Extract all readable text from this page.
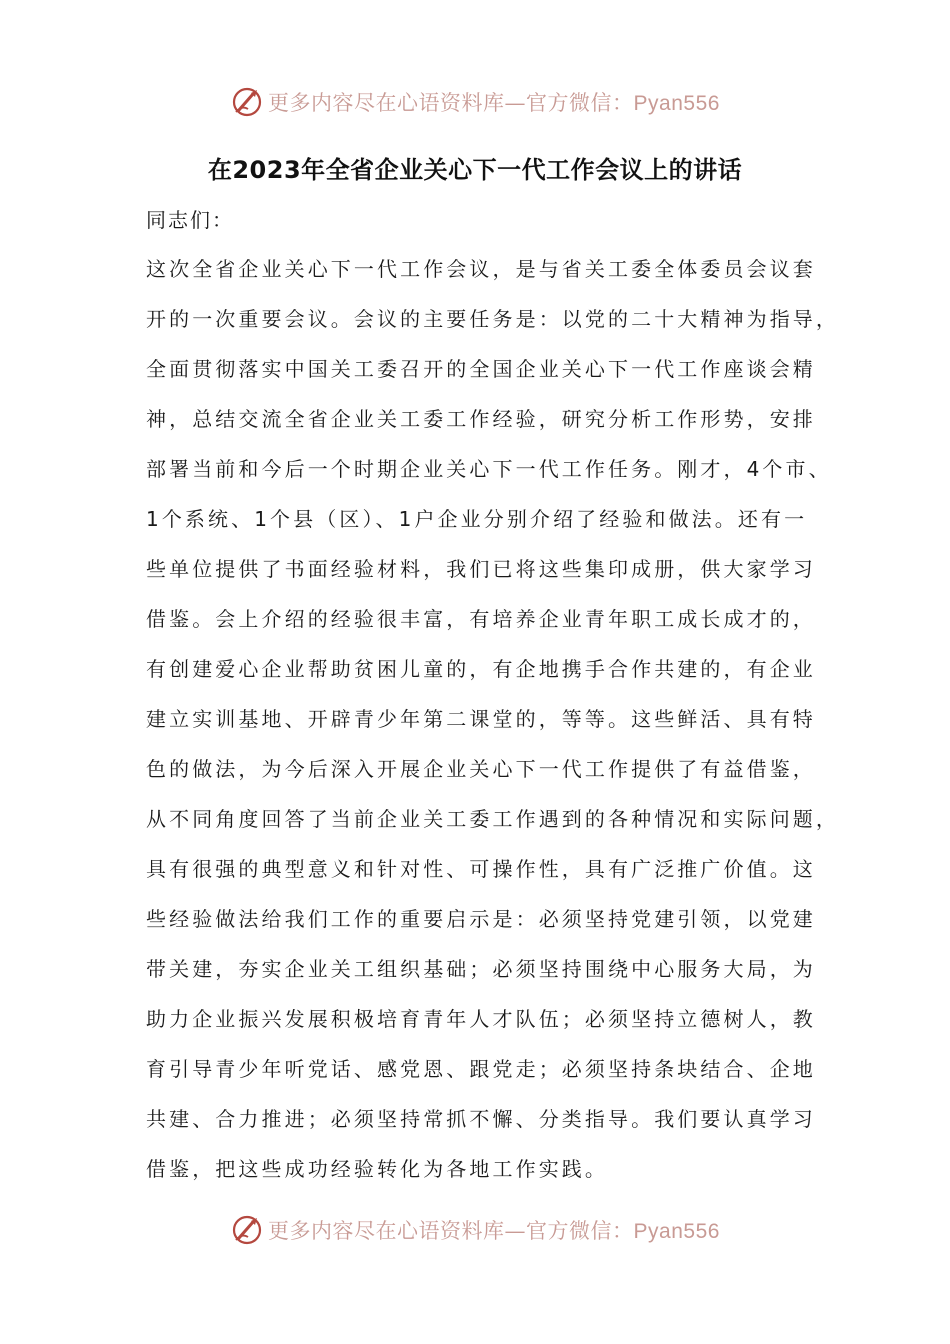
更多内容尽在心语资料库—官方微信：Pyan556
在2023年全省企业关心下一代工作会议上的讲话
同志们：
这次全省企业关心下一代工作会议，是与省关工委全体委员会议套
开的一次重要会议。会议的主要任务是：以党的二十大精神为指导，
全面贯彻落实中国关工委召开的全国企业关心下一代工作座谈会精
神，总结交流全省企业关工委工作经验，研究分析工作形势，安排
部署当前和今后一个时期企业关心下一代工作任务。刚才，4个市、
1个系统、1个县（区）、1户企业分别介绍了经验和做法。还有一
些单位提供了书面经验材料，我们已将这些集印成册，供大家学习
借鉴。会上介绍的经验很丰富，有培养企业青年职工成长成才的，
有创建爱心企业帮助贫困儿童的，有企地携手合作共建的，有企业
建立实训基地、开辟青少年第二课堂的，等等。这些鲜活、具有特
色的做法，为今后深入开展企业关心下一代工作提供了有益借鉴，
从不同角度回答了当前企业关工委工作遇到的各种情况和实际问题，
具有很强的典型意义和针对性、可操作性，具有广泛推广价值。这
些经验做法给我们工作的重要启示是：必须坚持党建引领，以党建
带关建，夯实企业关工组织基础；必须坚持围绕中心服务大局，为
助力企业振兴发展积极培育青年人才队伍；必须坚持立德树人，教
育引导青少年听党话、感党恩、跟党走；必须坚持条块结合、企地
共建、合力推进；必须坚持常抓不懈、分类指导。我们要认真学习
借鉴，把这些成功经验转化为各地工作实践。
更多内容尽在心语资料库—官方微信：Pyan556
